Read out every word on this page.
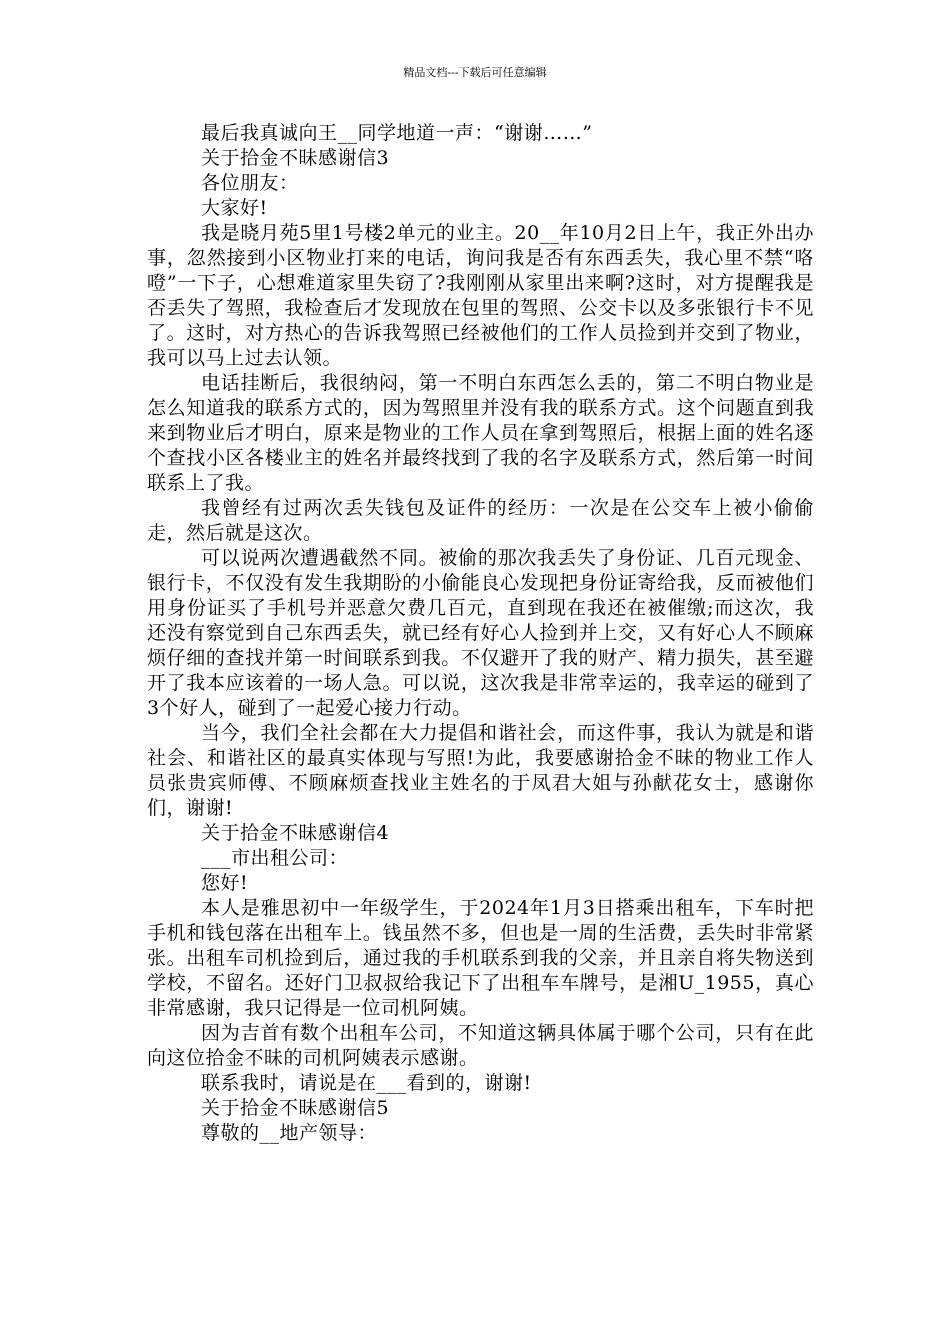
精品文档---下载后可任意编辑

最后我真诚向王__同学地道一声：“谢谢……”

关于拾金不昧感谢信3

各位朋友：

大家好!

我是晓月苑5里1号楼2单元的业主。20__年10月2日上午，我正外出办事，忽然接到小区物业打来的电话，询问我是否有东西丢失，我心里不禁“咯噔”一下子，心想难道家里失窃了?我刚刚从家里出来啊?这时，对方提醒我是否丢失了驾照，我检查后才发现放在包里的驾照、公交卡以及多张银行卡不见了。这时，对方热心的告诉我驾照已经被他们的工作人员捡到并交到了物业，我可以马上过去认领。

电话挂断后，我很纳闷，第一不明白东西怎么丢的，第二不明白物业是怎么知道我的联系方式的，因为驾照里并没有我的联系方式。这个问题直到我来到物业后才明白，原来是物业的工作人员在拿到驾照后，根据上面的姓名逐个查找小区各楼业主的姓名并最终找到了我的名字及联系方式，然后第一时间联系上了我。

我曾经有过两次丢失钱包及证件的经历：一次是在公交车上被小偷偷走，然后就是这次。

可以说两次遭遇截然不同。被偷的那次我丢失了身份证、几百元现金、银行卡，不仅没有发生我期盼的小偷能良心发现把身份证寄给我，反而被他们用身份证买了手机号并恶意欠费几百元，直到现在我还在被催缴;而这次，我还没有察觉到自己东西丢失，就已经有好心人捡到并上交，又有好心人不顾麻烦仔细的查找并第一时间联系到我。不仅避开了我的财产、精力损失，甚至避开了我本应该着的一场人急。可以说，这次我是非常幸运的，我幸运的碰到了3个好人，碰到了一起爱心接力行动。

当今，我们全社会都在大力提倡和谐社会，而这件事，我认为就是和谐社会、和谐社区的最真实体现与写照!为此，我要感谢拾金不昧的物业工作人员张贵宾师傅、不顾麻烦查找业主姓名的于凤君大姐与孙献花女士，感谢你们，谢谢!

关于拾金不昧感谢信4

___市出租公司：

您好!

本人是雅思初中一年级学生，于2024年1月3日搭乘出租车，下车时把手机和钱包落在出租车上。钱虽然不多，但也是一周的生活费，丢失时非常紧张。出租车司机捡到后，通过我的手机联系到我的父亲，并且亲自将失物送到学校，不留名。还好门卫叔叔给我记下了出租车车牌号，是湘U_1955，真心非常感谢，我只记得是一位司机阿姨。

因为吉首有数个出租车公司，不知道这辆具体属于哪个公司，只有在此向这位拾金不昧的司机阿姨表示感谢。

联系我时，请说是在___看到的，谢谢!

关于拾金不昧感谢信5

尊敬的__地产领导：
